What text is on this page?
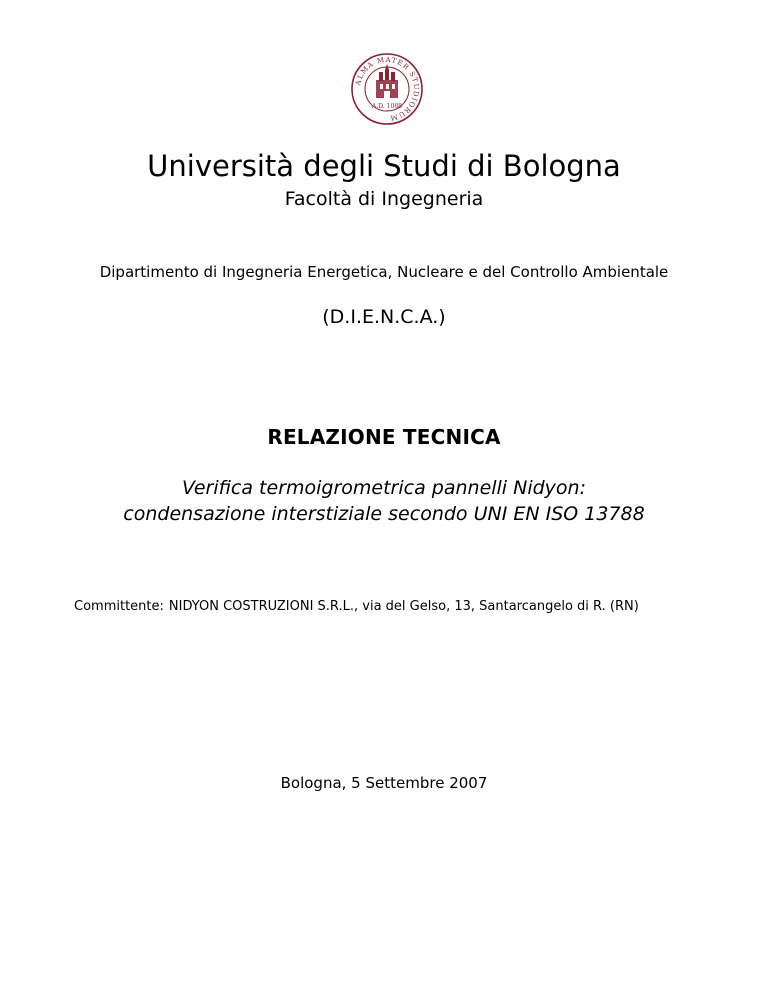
ALMA MATER STUDIORUM
A.D. 1088
Università degli Studi di Bologna
Facoltà di Ingegneria
Dipartimento di Ingegneria Energetica, Nucleare e del Controllo Ambientale
(D.I.E.N.C.A.)
RELAZIONE TECNICA
Verifica termoigrometrica pannelli Nidyon:
condensazione interstiziale secondo UNI EN ISO 13788
Committente: NIDYON COSTRUZIONI S.R.L., via del Gelso, 13, Santarcangelo di R. (RN)
Bologna, 5 Settembre 2007
